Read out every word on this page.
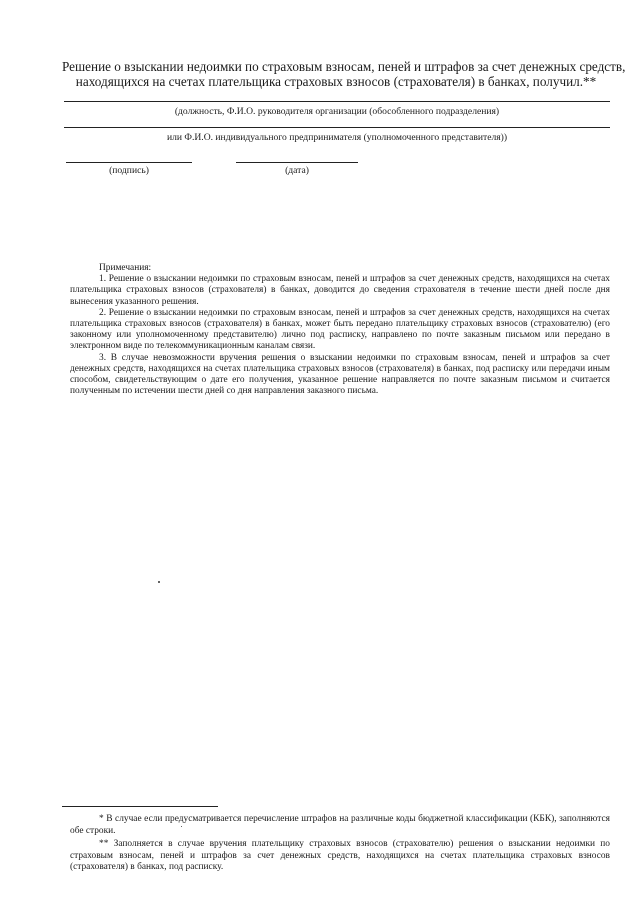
Решение о взыскании недоимки по страховым взносам, пеней и штрафов за счет денежных средств,

находящихся на счетах плательщика страховых взносов (страхователя) в банках, получил.**

(должность, Ф.И.О. руководителя организации (обособленного подразделения)
или Ф.И.О. индивидуального предпринимателя (уполномоченного представителя))
(подпись)	(дата)

Примечания:

1. Решение о взыскании недоимки по страховым взносам, пеней и штрафов за счет денежных средств, находящихся на счетах плательщика страховых взносов (страхователя) в банках, доводится до сведения страхователя в течение шести дней после дня вынесения указанного решения.

2. Решение о взыскании недоимки по страховым взносам, пеней и штрафов за счет денежных средств, находящихся на счетах плательщика страховых взносов (страхователя) в банках, может быть передано плательщику страховых взносов (страхователю) (его законному или уполномоченному представителю) лично под расписку, направлено по почте заказным письмом или передано в электронном виде по телекоммуникационным каналам связи.

3. В случае невозможности вручения решения о взыскании недоимки по страховым взносам, пеней и штрафов за счет денежных средств, находящихся на счетах плательщика страховых взносов (страхователя) в банках, под расписку или передачи иным способом, свидетельствующим о дате его получения, указанное решение направляется по почте заказным письмом и считается полученным по истечении шести дней со дня направления заказного письма.

* В случае если предусматривается перечисление штрафов на различные коды бюджетной классификации (КБК), заполняются обе строки.

** Заполняется в случае вручения плательщику страховых взносов (страхователю) решения о взыскании недоимки по страховым взносам, пеней и штрафов за счет денежных средств, находящихся на счетах плательщика страховых взносов (страхователя) в банках, под расписку.
